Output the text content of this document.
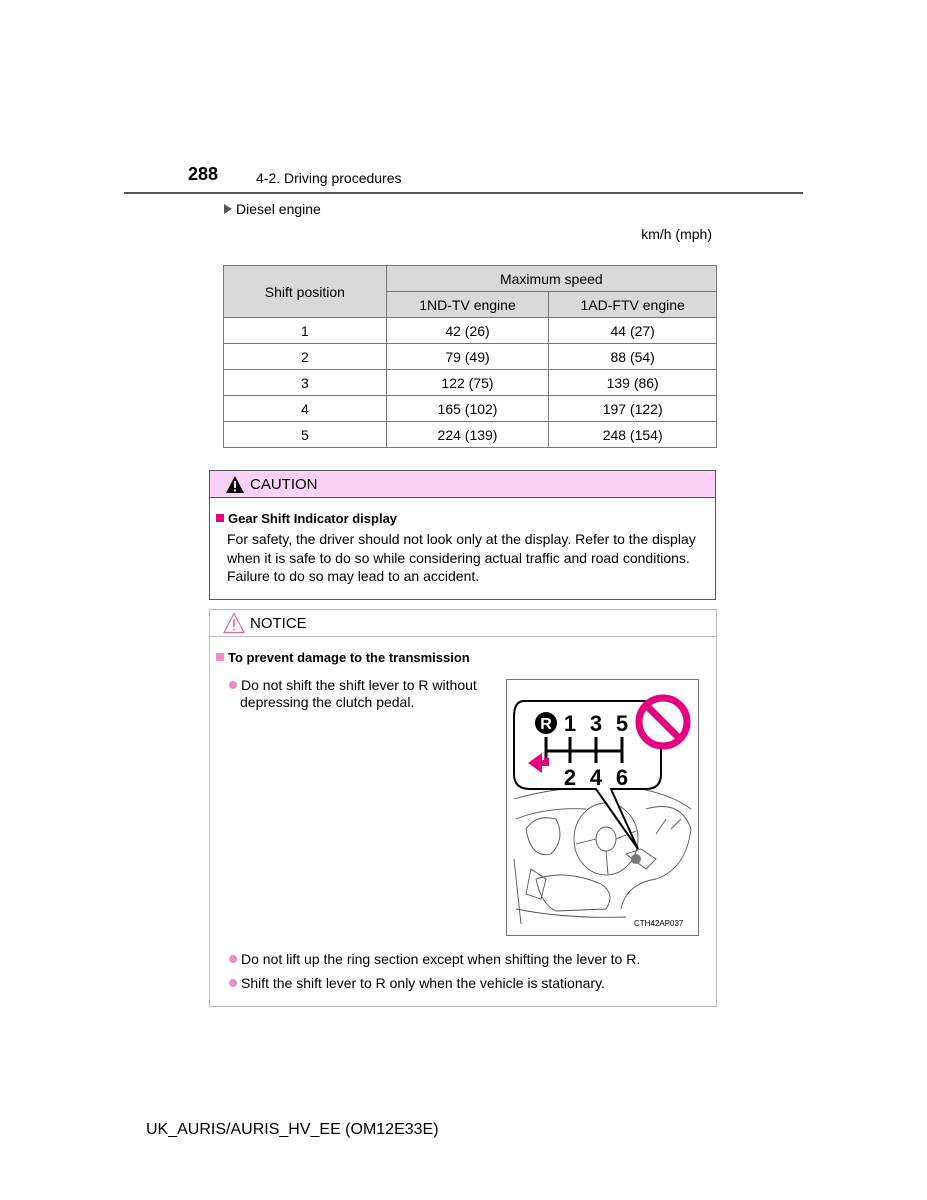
288	4-2. Driving procedures
Diesel engine
km/h (mph)
Shift position	Maximum speed	
	1ND-TV engine	1AD-FTV engine
1	42 (26)	44 (27)
2	79 (49)	88 (54)
3	122 (75)	139 (86)
4	165 (102)	197 (122)
5	224 (139)	248 (154)
CAUTION
Gear Shift Indicator display
For safety, the driver should not look only at the display. Refer to the display
when it is safe to do so while considering actual traffic and road conditions.
Failure to do so may lead to an accident.
NOTICE
To prevent damage to the transmission
Do not shift the shift lever to R without
depressing the clutch pedal.
R 1 3 5
2 4 6
CTH42AP037
Do not lift up the ring section except when shifting the lever to R.
Shift the shift lever to R only when the vehicle is stationary.
UK_AURIS/AURIS_HV_EE (OM12E33E)
